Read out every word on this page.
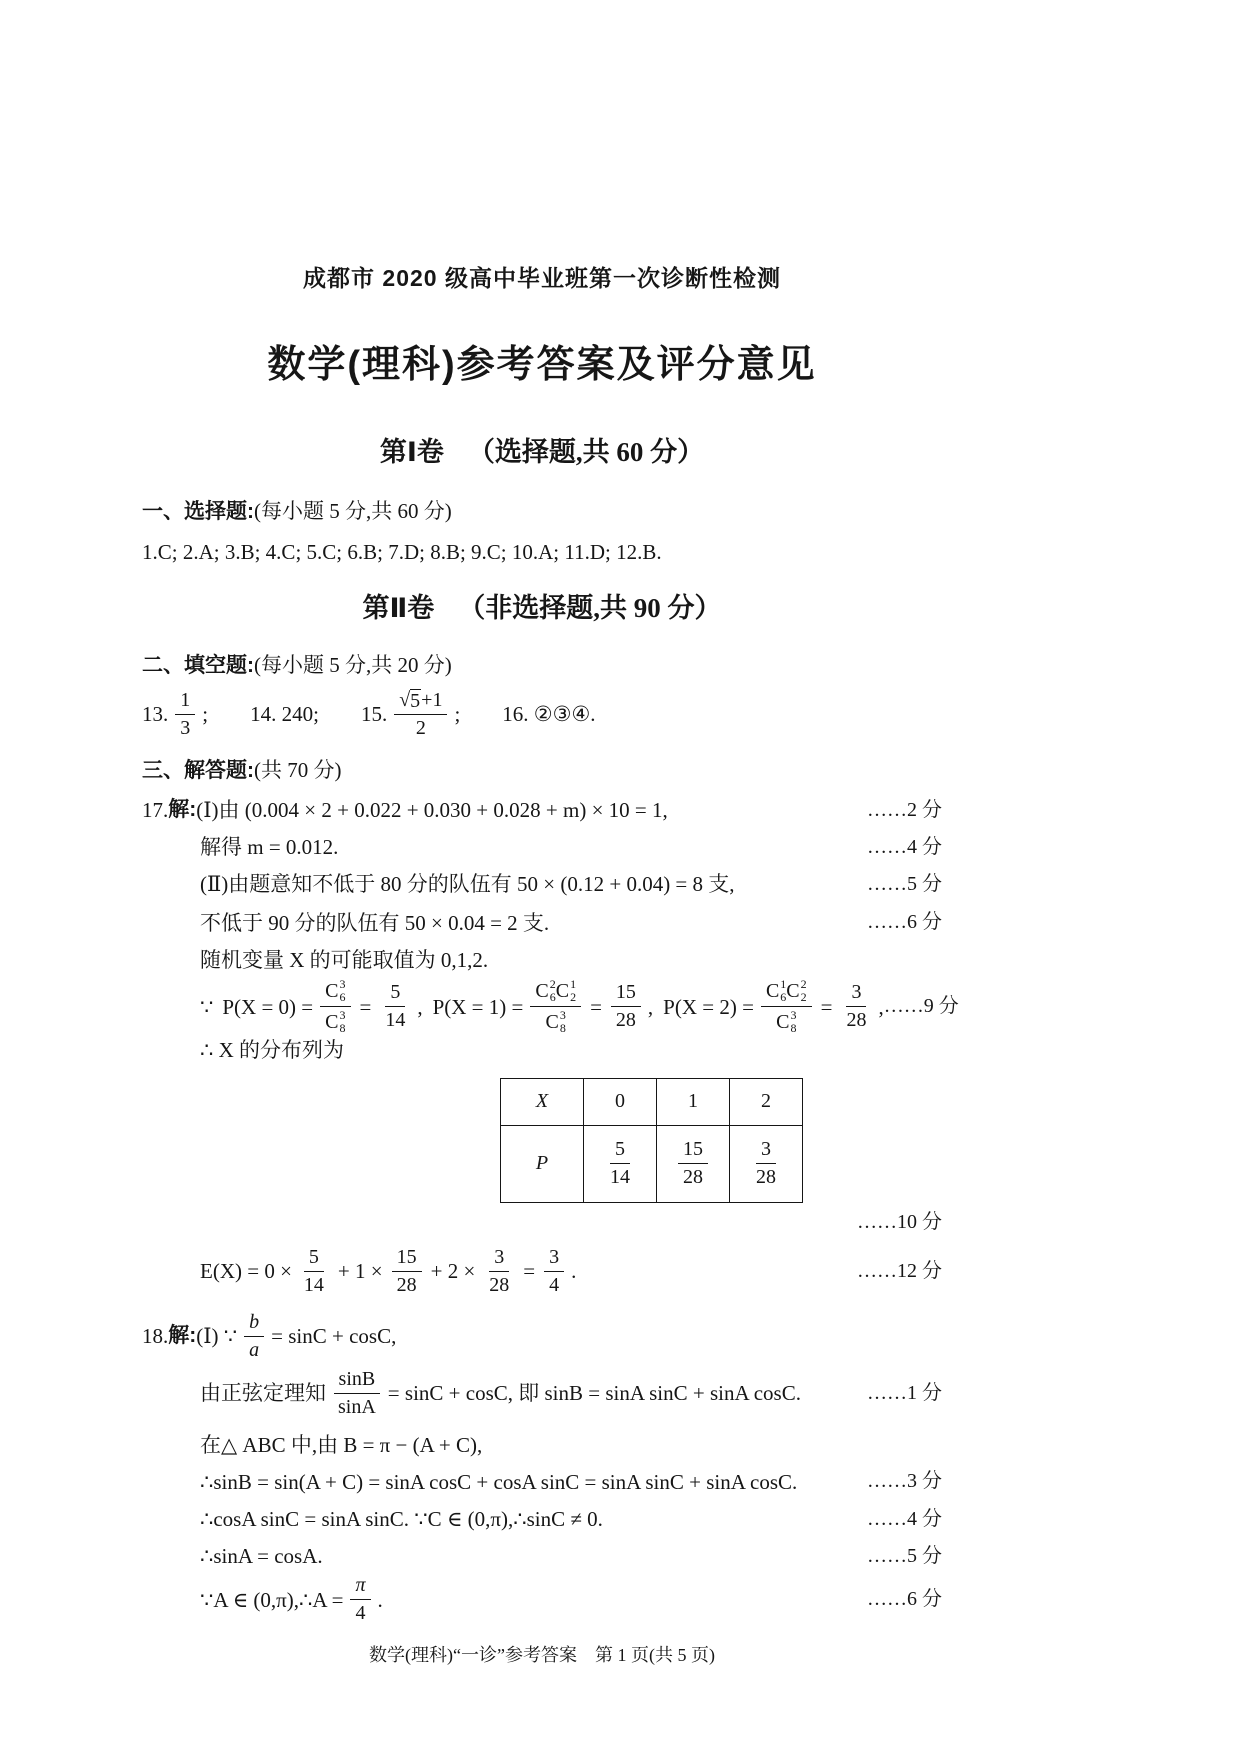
成都市 2020 级高中毕业班第一次诊断性检测
数学(理科)参考答案及评分意见
第Ⅰ卷 （选择题,共 60 分）
一、选择题:(每小题 5 分,共 60 分)
1.C; 2.A; 3.B; 4.C; 5.C; 6.B; 7.D; 8.B; 9.C; 10.A; 11.D; 12.B.
第Ⅱ卷 （非选择题,共 90 分）
二、填空题:(每小题 5 分,共 20 分)
13. $\frac{1}{3}$ ; 14. 240; 15. $\frac{√ 5 +1}{2}$ ; 16. ②③④.
三、解答题:(共 70 分)
17. 解: (Ⅰ)由 (0.004 × 2 + 0.022 + 0.030 + 0.028 + m) × 10 = 1,	……2 分
解得 m = 0.012.	……4 分
(Ⅱ)由题意知不低于 80 分的队伍有 50 × (0.12 + 0.04) = 8 支,	……5 分
不低于 90 分的队伍有 50 × 0.04 = 2 支.	……6 分
随机变量 X 的可能取值为 0,1,2.
∵ P(X = 0) = C 3
6
C 3
$8 = \frac{5}{14}$ , P(X = 1) = C 2
6 C 1
2
C 3
$8 = \frac{15}{28}$ , P(X = 2) = C 1
6 C 2
2
C 3
$8 = \frac{3}{28}$ , ……9 分
∴ X 的分布列为
X	0	1	2
P	$\frac{5}{14}$	$\frac{15}{28}$	$\frac{3}{28}$
……10 分
$E(X) = 0 \times \frac{5}{14} + 1 \times \frac{15}{28} + 2 \times \frac{3}{28} = \frac{3}{4}$ .	……12 分
18. 解: (Ⅰ) ∵ $\frac{b}{a} = \sin C + \cos C$,
由正弦定理知 $\frac{\sin B}{\sin A} = \sin C + \cos C$, 即 sinB = sinA sinC + sinA cosC.	……1 分
在△ ABC 中,由 B = π − (A + C),
∴sinB = sin(A + C) = sinA cosC + cosA sinC = sinA sinC + sinA cosC.	……3 分
∴cosA sinC = sinA sinC. ∵C ∈ (0,π),∴sinC ≠ 0.	……4 分
∴sinA = cosA.	……5 分
∵A ∈ (0,π),∴A = $\frac{\pi}{4}$ .	……6 分
数学(理科)“一诊”参考答案　第 1 页(共 5 页)
